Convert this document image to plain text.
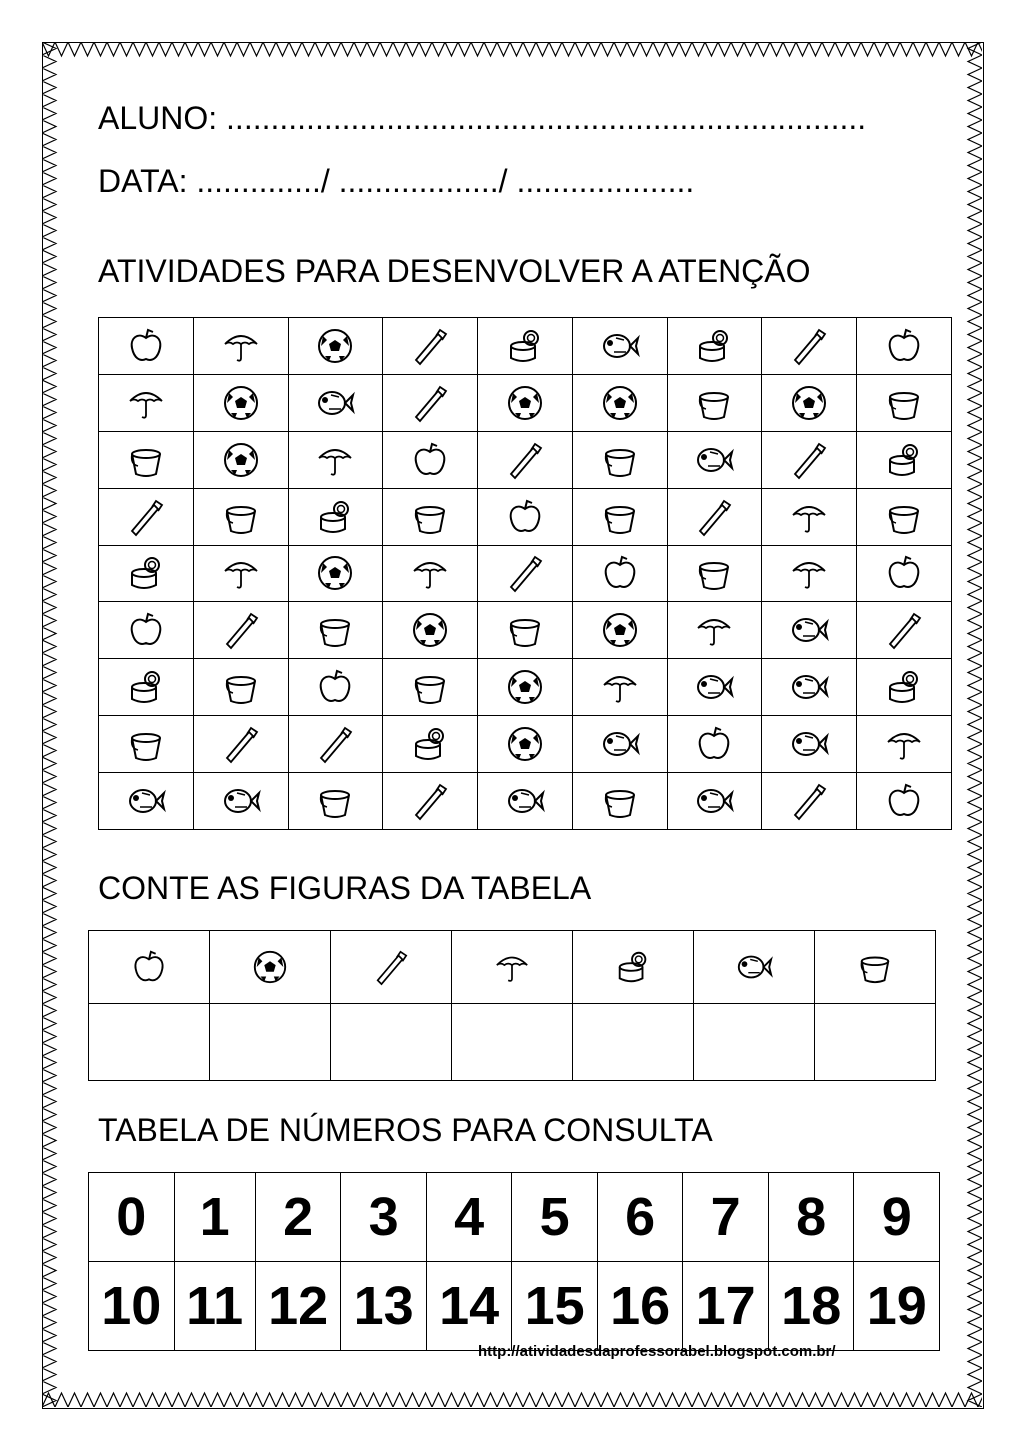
ALUNO: ........................................................................
DATA: ............../ ................../ ....................
ATIVIDADES PARA DESENVOLVER A ATENÇÃO

CONTE AS FIGURAS DA TABELA

TABELA DE NÚMEROS PARA CONSULTA
0	1	2	3	4	5	6	7	8	9
10	11	12	13	14	15	16	17	18	19
http://atividadesdaprofessorabel.blogspot.com.br/
